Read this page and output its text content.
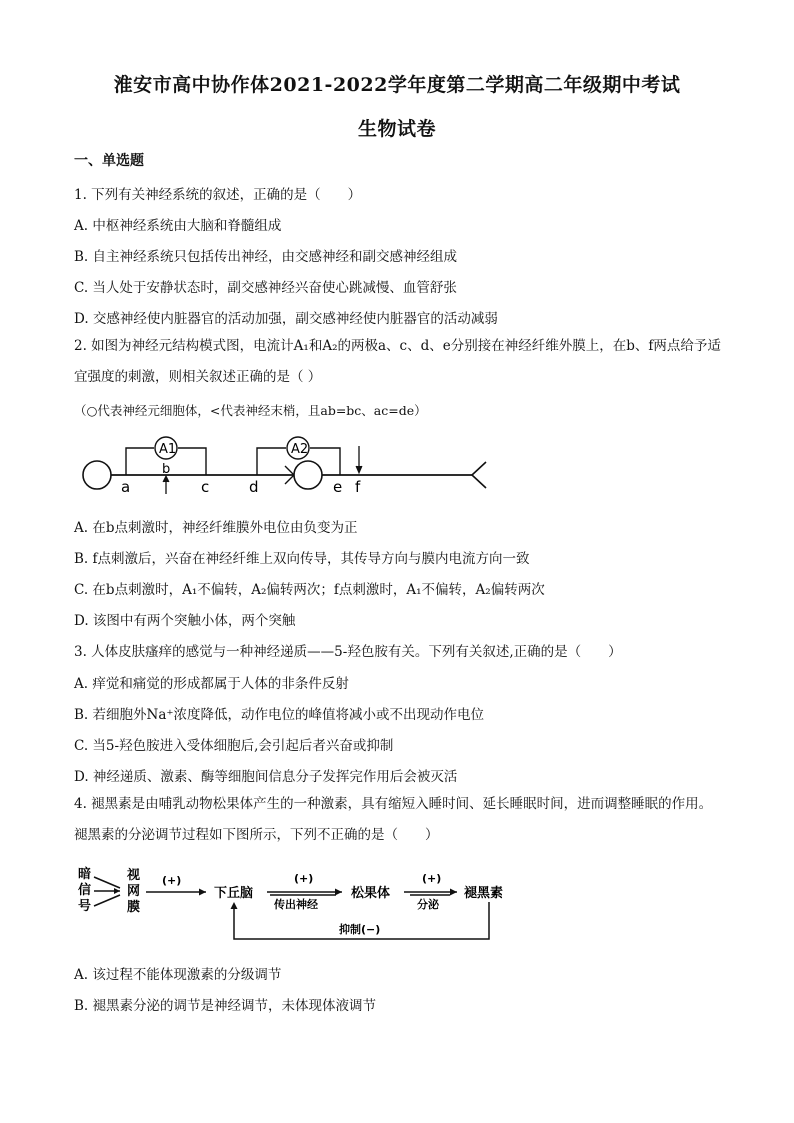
淮安市高中协作体2021-2022学年度第二学期高二年级期中考试
生物试卷
一、单选题
1. 下列有关神经系统的叙述，正确的是（　　）
A. 中枢神经系统由大脑和脊髓组成
B. 自主神经系统只包括传出神经，由交感神经和副交感神经组成
C. 当人处于安静状态时，副交感神经兴奋使心跳减慢、血管舒张
D. 交感神经使内脏器官的活动加强，副交感神经使内脏器官的活动减弱
2. 如图为神经元结构模式图，电流计A₁和A₂的两极a、c、d、e分别接在神经纤维外膜上，在b、f两点给予适宜强度的刺激，则相关叙述正确的是（ ）
（○代表神经元细胞体，<代表神经末梢，且ab=bc、ac=de）
A1	A2
a
b
c	d	e f
A. 在b点刺激时，神经纤维膜外电位由负变为正
B. f点刺激后，兴奋在神经纤维上双向传导，其传导方向与膜内电流方向一致
C. 在b点刺激时，A₁不偏转，A₂偏转两次；f点刺激时，A₁不偏转，A₂偏转两次
D. 该图中有两个突触小体，两个突触
3. 人体皮肤瘙痒的感觉与一种神经递质——5-羟色胺有关。下列有关叙述,正确的是（　　）
A. 痒觉和痛觉的形成都属于人体的非条件反射
B. 若细胞外Na⁺浓度降低，动作电位的峰值将减小或不出现动作电位
C. 当5-羟色胺进入受体细胞后,会引起后者兴奋或抑制
D. 神经递质、激素、酶等细胞间信息分子发挥完作用后会被灭活
4. 褪黑素是由哺乳动物松果体产生的一种激素，具有缩短入睡时间、延长睡眠时间，进而调整睡眠的作用。褪黑素的分泌调节过程如下图所示，下列不正确的是（　　）
暗
信
号
视
网
膜
下丘脑	松果体	褪黑素
(+)	(+)	(+)
传出神经	分泌
抑制(−)
A. 该过程不能体现激素的分级调节
B. 褪黑素分泌的调节是神经调节，未体现体液调节
